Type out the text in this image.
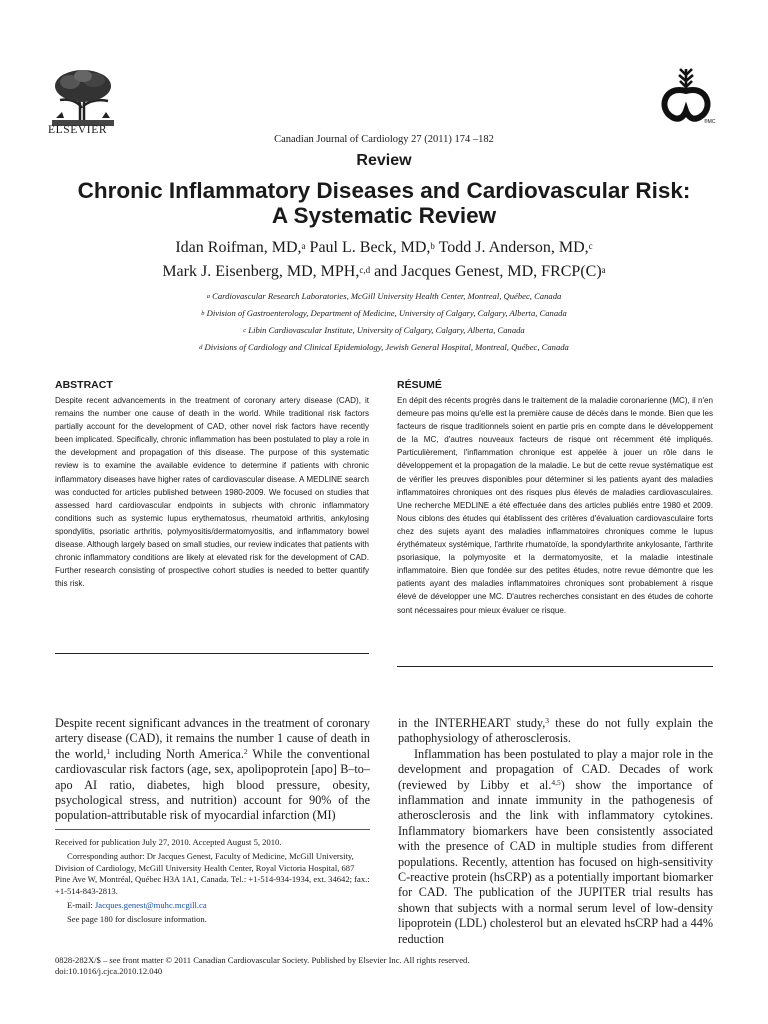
ELSEVIER
®MC
Canadian Journal of Cardiology 27 (2011) 174 –182
Review
Chronic Inflammatory Diseases and Cardiovascular Risk:
A Systematic Review
Idan Roifman, MD,$^a$ Paul L. Beck, MD,$^b$ Todd J. Anderson, MD,$^c$
Mark J. Eisenberg, MD, MPH,$^{c,d}$ and Jacques Genest, MD, $FRCP(C)^a$
$^a$ Cardiovascular Research Laboratories, McGill University Health Center, Montreal, Québec, Canada
$^b$ Division of Gastroenterology, Department of Medicine, University of Calgary, Calgary, Alberta, Canada
$^c$ Libin Cardiovascular Institute, University of Calgary, Calgary, Alberta, Canada
$^d$ Divisions of Cardiology and Clinical Epidemiology, Jewish General Hospital, Montreal, Québec, Canada
ABSTRACT
Despite recent advancements in the treatment of coronary artery disease (CAD), it remains the number one cause of death in the world. While traditional risk factors partially account for the development of CAD, other novel risk factors have recently been implicated. Specifically, chronic inflammation has been postulated to play a role in the development and propagation of this disease. The purpose of this systematic review is to examine the available evidence to determine if patients with chronic inflammatory diseases have higher rates of cardiovascular disease. A MEDLINE search was conducted for articles published between 1980-2009. We focused on studies that assessed hard cardiovascular endpoints in subjects with chronic inflammatory conditions such as systemic lupus erythematosus, rheumatoid arthritis, ankylosing spondylitis, psoriatic arthritis, polymyositis/dermatomyositis, and inflammatory bowel disease. Although largely based on small studies, our review indicates that patients with chronic inflammatory conditions are likely at elevated risk for the development of CAD. Further research consisting of prospective cohort studies is needed to better quantify this risk.
RÉSUMÉ
En dépit des récents progrès dans le traitement de la maladie coronarienne (MC), il n'en demeure pas moins qu'elle est la première cause de décès dans le monde. Bien que les facteurs de risque traditionnels soient en partie pris en compte dans le développement de la MC, d'autres nouveaux facteurs de risque ont récemment été impliqués. Particulièrement, l'inflammation chronique est appelée à jouer un rôle dans le développement et la propagation de la maladie. Le but de cette revue systématique est de vérifier les preuves disponibles pour déterminer si les patients ayant des maladies inflammatoires chroniques ont des risques plus élevés de maladies cardiovasculaires. Une recherche MEDLINE a été effectuée dans des articles publiés entre 1980 et 2009. Nous ciblons des études qui établissent des critères d'évaluation cardiovasculaire forts chez des sujets ayant des maladies inflammatoires chroniques comme le lupus érythémateux systémique, l'arthrite rhumatoïde, la spondylarthrite ankylosante, l'arthrite psoriasique, la polymyosite et la dermatomyosite, et la maladie intestinale inflammatoire. Bien que fondée sur des petites études, notre revue démontre que les patients ayant des maladies inflammatoires chroniques sont probablement à risque élevé de développer une MC. D'autres recherches consistant en des études de cohorte sont nécessaires pour mieux évaluer ce risque.

Despite recent significant advances in the treatment of coronary artery disease (CAD), it remains the number 1 cause of death in the world,$^1$ including North America.$^2$ While the conventional cardiovascular risk factors (age, sex, apolipoprotein [apo] B–to–apo AI ratio, diabetes, high blood pressure, obesity, psychological stress, and nutrition) account for 90% of the population-attributable risk of myocardial infarction (MI)

Received for publication July 27, 2010. Accepted August 5, 2010.

Corresponding author: Dr Jacques Genest, Faculty of Medicine, McGill University, Division of Cardiology, McGill University Health Center, Royal Victoria Hospital, 687 Pine Ave W, Montréal, Québec H3A 1A1, Canada. Tel.: +1-514-934-1934, ext. 34642; fax.: +1-514-843-2813.

E-mail: Jacques.genest@muhc.mcgill.ca

See page 180 for disclosure information.

in the INTERHEART study,$^3$ these do not fully explain the pathophysiology of atherosclerosis.

Inflammation has been postulated to play a major role in the development and propagation of CAD. Decades of work (reviewed by Libby et al.$^{4,5}$) show the importance of inflammation and innate immunity in the pathogenesis of atherosclerosis and the link with inflammatory cytokines. Inflammatory biomarkers have been consistently associated with the presence of CAD in multiple studies from different populations. Recently, attention has focused on high-sensitivity C-reactive protein (hsCRP) as a potentially important biomarker for CAD. The publication of the JUPITER trial results has shown that subjects with a normal serum level of low-density lipoprotein (LDL) cholesterol but an elevated hsCRP had a 44% reduction

0828-282X/$ – see front matter © 2011 Canadian Cardiovascular Society. Published by Elsevier Inc. All rights reserved.
doi:10.1016/j.cjca.2010.12.040
